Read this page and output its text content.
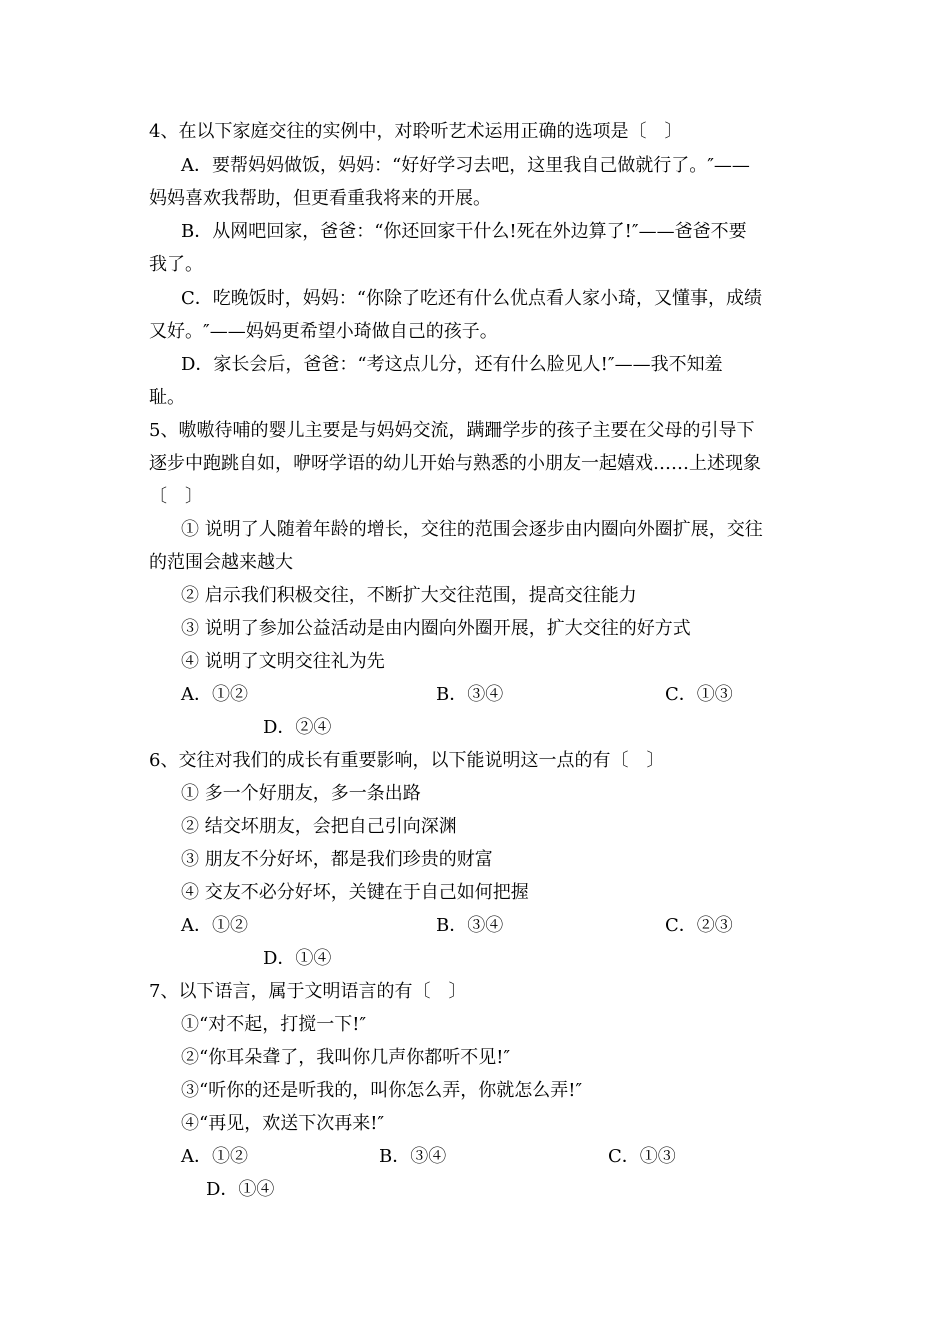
4、在以下家庭交往的实例中，对聆听艺术运用正确的选项是〔　〕
A．要帮妈妈做饭，妈妈：“好好学习去吧，这里我自己做就行了。″——
妈妈喜欢我帮助，但更看重我将来的开展。
B．从网吧回家，爸爸：“你还回家干什么!死在外边算了!″——爸爸不要
我了。
C．吃晚饭时，妈妈：“你除了吃还有什么优点看人家小琦，又懂事，成绩
又好。″——妈妈更希望小琦做自己的孩子。
D．家长会后，爸爸：“考这点儿分，还有什么脸见人!″——我不知羞
耻。
5、嗷嗷待哺的婴儿主要是与妈妈交流，蹒跚学步的孩子主要在父母的引导下
逐步中跑跳自如，咿呀学语的幼儿开始与熟悉的小朋友一起嬉戏……上述现象
〔　〕
① 说明了人随着年龄的增长，交往的范围会逐步由内圈向外圈扩展，交往
的范围会越来越大
② 启示我们积极交往，不断扩大交往范围，提高交往能力
③ 说明了参加公益活动是由内圈向外圈开展，扩大交往的好方式
④ 说明了文明交往礼为先
A．①②	B．③④	C．①③
D．②④
6、交往对我们的成长有重要影响，以下能说明这一点的有〔　〕
① 多一个好朋友，多一条出路
② 结交坏朋友，会把自己引向深渊
③ 朋友不分好坏，都是我们珍贵的财富
④ 交友不必分好坏，关键在于自己如何把握
A．①②	B．③④	C．②③
D．①④
7、以下语言，属于文明语言的有〔　〕
①“对不起，打搅一下!″
②“你耳朵聋了，我叫你几声你都听不见!″
③“听你的还是听我的，叫你怎么弄，你就怎么弄!″
④“再见，欢送下次再来!″
A．①②	B．③④	C．①③
D．①④
